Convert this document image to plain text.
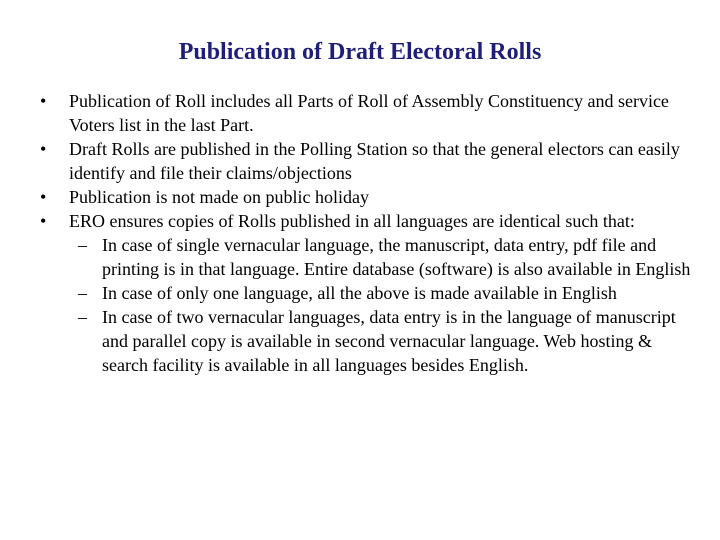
Publication of Draft Electoral Rolls
• Publication of Roll includes all Parts of Roll of Assembly Constituency and service Voters list in the last Part.
• Draft Rolls are published in the Polling Station so that the general electors can easily identify and file their claims/objections
• Publication is not made on public holiday
• ERO ensures copies of Rolls published in all languages are identical such that:
– In case of single vernacular language, the manuscript, data entry, pdf file and printing is in that language. Entire database (software) is also available in English
– In case of only one language, all the above is made available in English
– In case of two vernacular languages, data entry is in the language of manuscript and parallel copy is available in second vernacular language. Web hosting & search facility is available in all languages besides English.
